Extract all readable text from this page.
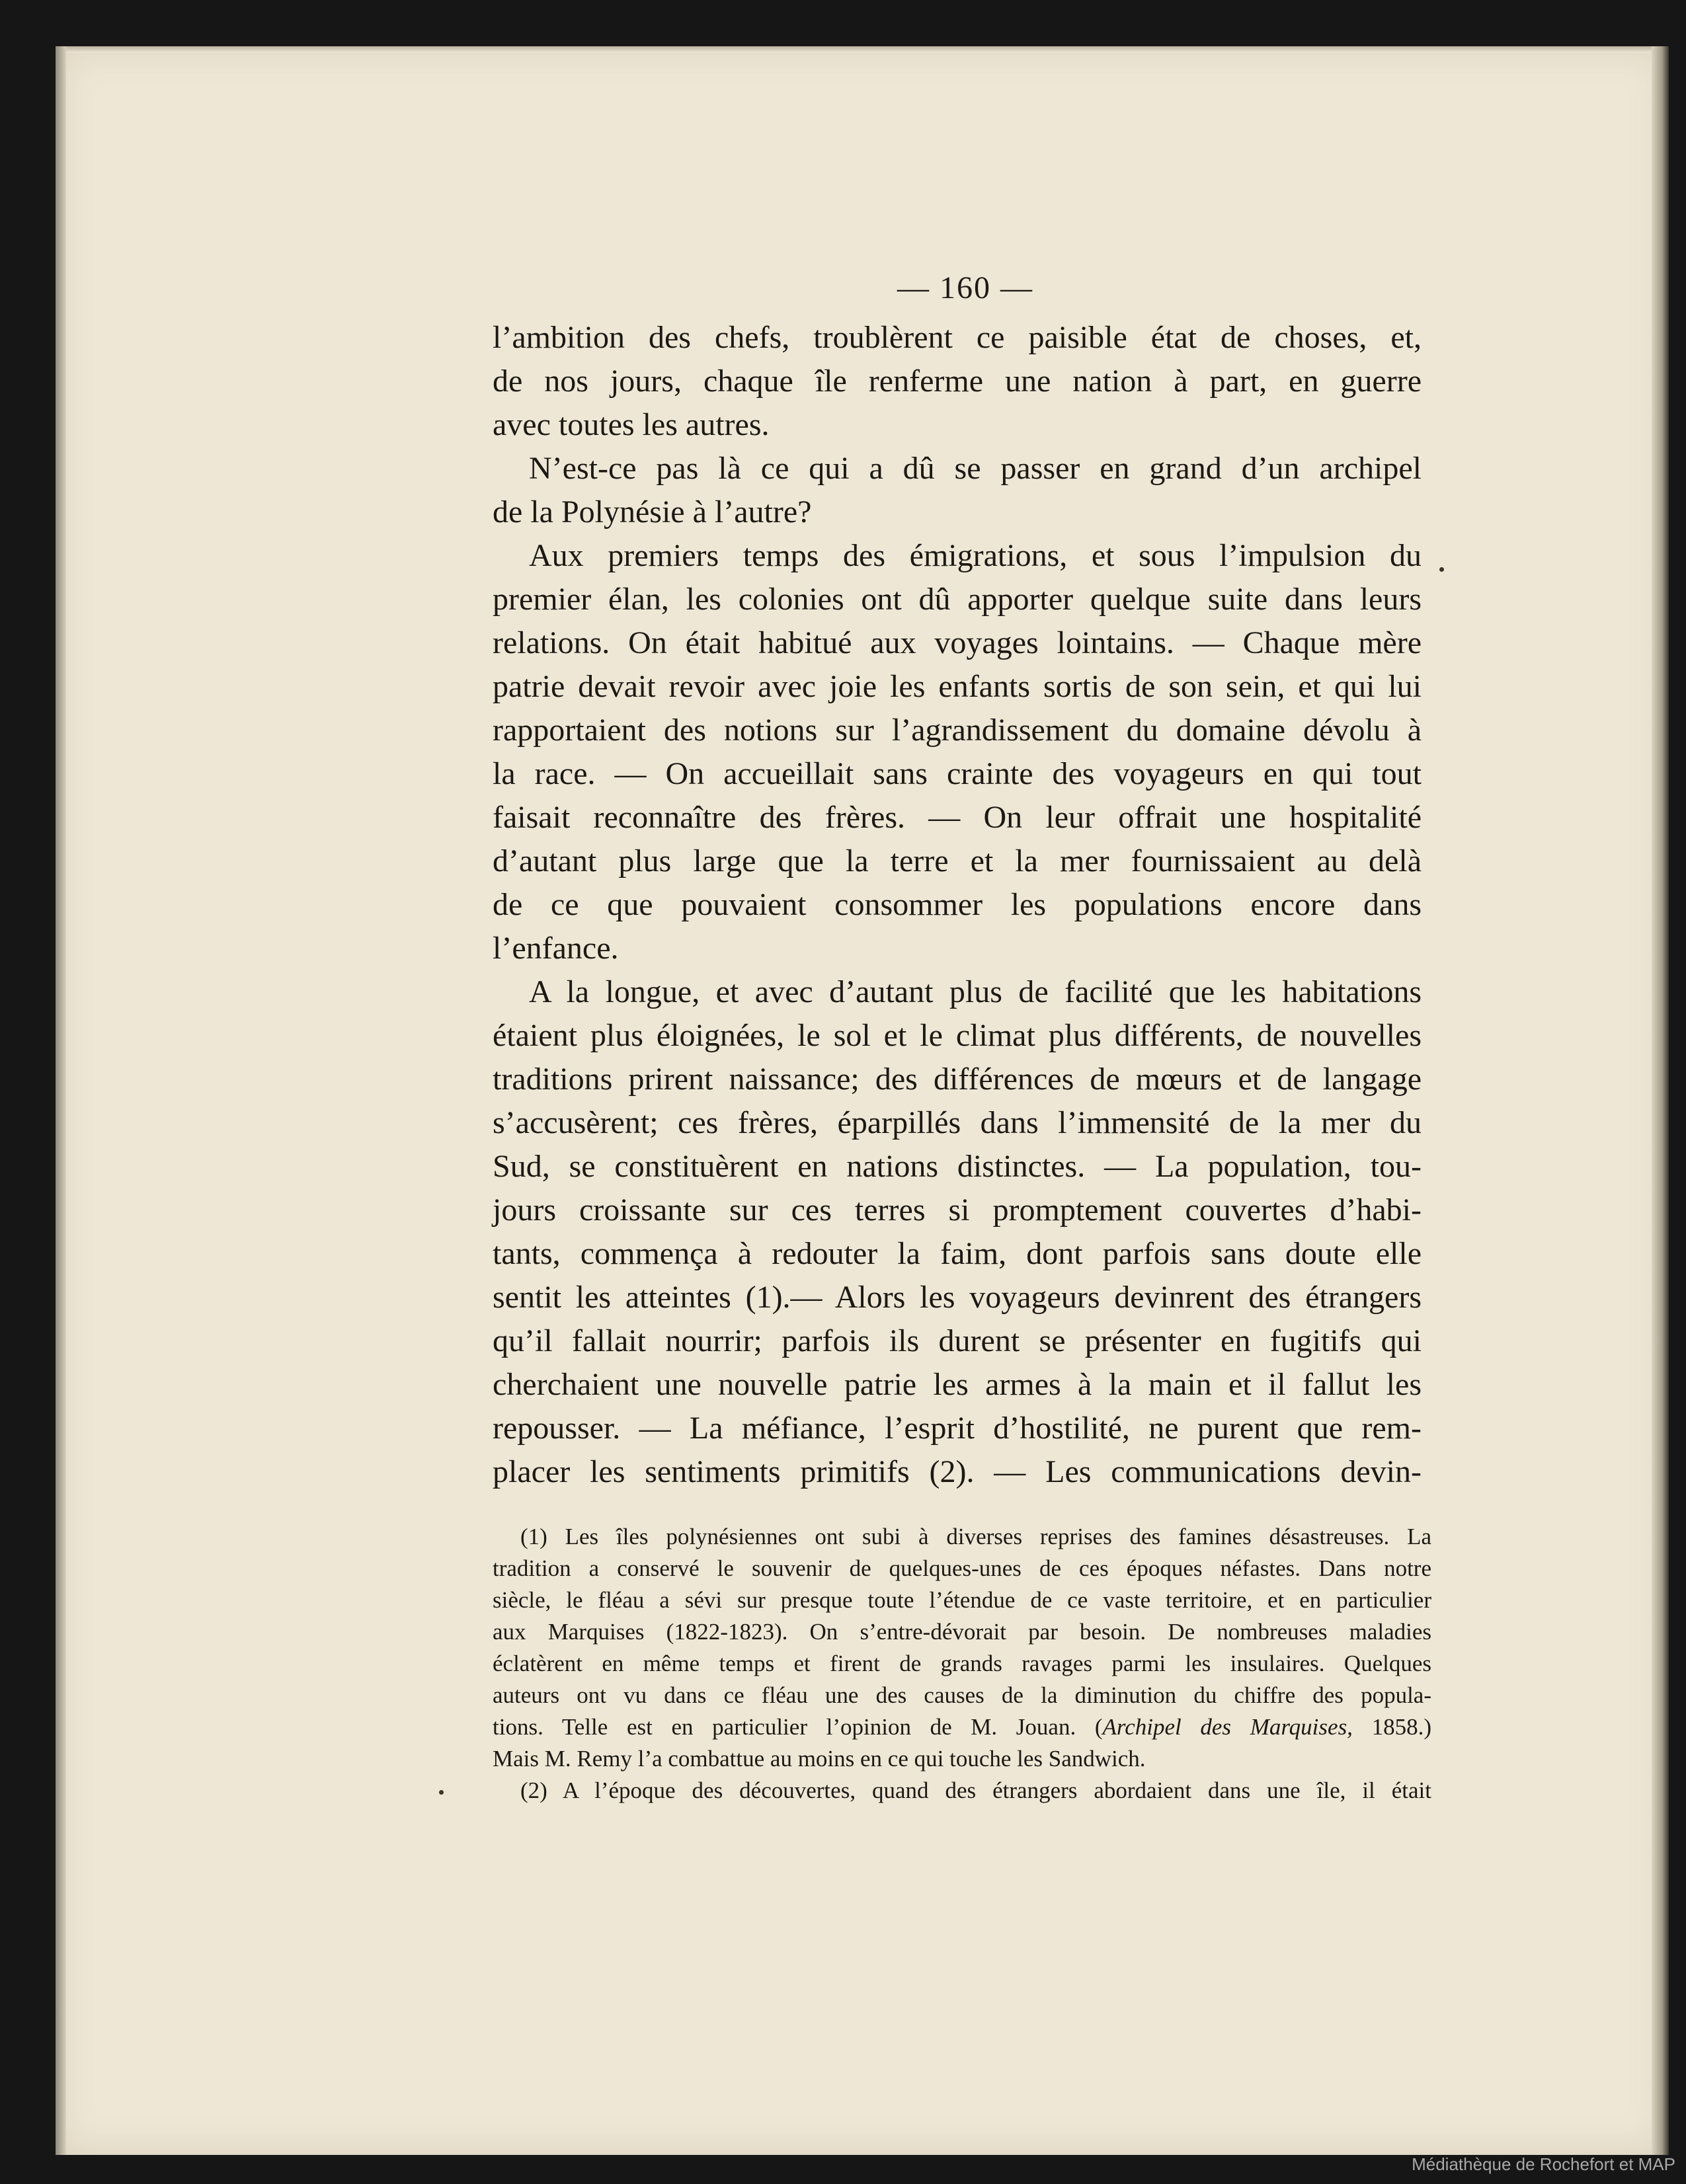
— 160 —
l’ambition des chefs, troublèrent ce paisible état de choses, et,
de nos jours, chaque île renferme une nation à part, en guerre
avec toutes les autres.
N’est-ce pas là ce qui a dû se passer en grand d’un archipel
de la Polynésie à l’autre?
Aux premiers temps des émigrations, et sous l’impulsion du
premier élan, les colonies ont dû apporter quelque suite dans leurs
relations. On était habitué aux voyages lointains. — Chaque mère
patrie devait revoir avec joie les enfants sortis de son sein, et qui lui
rapportaient des notions sur l’agrandissement du domaine dévolu à
la race. — On accueillait sans crainte des voyageurs en qui tout
faisait reconnaître des frères. — On leur offrait une hospitalité
d’autant plus large que la terre et la mer fournissaient au delà
de ce que pouvaient consommer les populations encore dans
l’enfance.
A la longue, et avec d’autant plus de facilité que les habitations
étaient plus éloignées, le sol et le climat plus différents, de nouvelles
traditions prirent naissance; des différences de mœurs et de langage
s’accusèrent; ces frères, éparpillés dans l’immensité de la mer du
Sud, se constituèrent en nations distinctes. — La population, tou-
jours croissante sur ces terres si promptement couvertes d’habi-
tants, commença à redouter la faim, dont parfois sans doute elle
sentit les atteintes (1).— Alors les voyageurs devinrent des étrangers
qu’il fallait nourrir; parfois ils durent se présenter en fugitifs qui
cherchaient une nouvelle patrie les armes à la main et il fallut les
repousser. — La méfiance, l’esprit d’hostilité, ne purent que rem-
placer les sentiments primitifs (2). — Les communications devin-
(1) Les îles polynésiennes ont subi à diverses reprises des famines désastreuses. La
tradition a conservé le souvenir de quelques-unes de ces époques néfastes. Dans notre
siècle, le fléau a sévi sur presque toute l’étendue de ce vaste territoire, et en particulier
aux Marquises (1822-1823). On s’entre-dévorait par besoin. De nombreuses maladies
éclatèrent en même temps et firent de grands ravages parmi les insulaires. Quelques
auteurs ont vu dans ce fléau une des causes de la diminution du chiffre des popula-
tions. Telle est en particulier l’opinion de M. Jouan. (Archipel des Marquises, 1858.)
Mais M. Remy l’a combattue au moins en ce qui touche les Sandwich.
(2) A l’époque des découvertes, quand des étrangers abordaient dans une île, il était
Médiathèque de Rochefort et MAP
